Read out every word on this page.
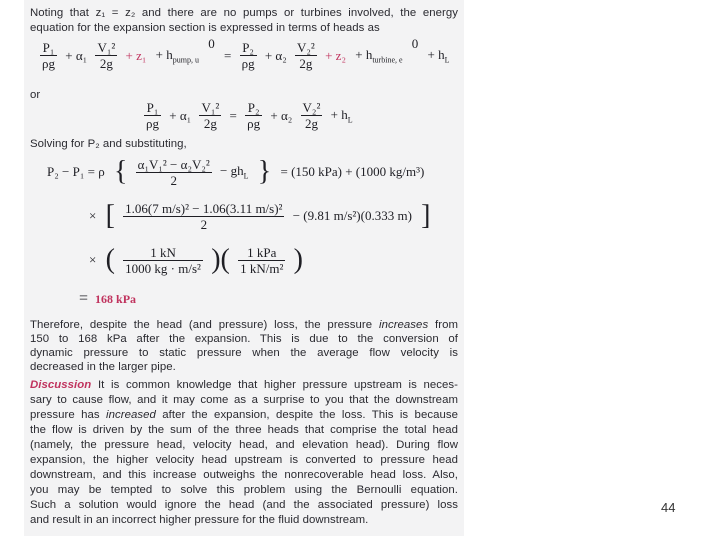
Noting that z₁ = z₂ and there are no pumps or turbines involved, the energy
equation for the expansion section is expressed in terms of heads as
$\frac{\text{P₁}}{\rho g} + \alpha_1 \frac{\text{V₁²}}{2g} + z_1 + h_{pump, u}$ $0 = \frac{\text{P₂}}{\rho g} + \alpha_2 \frac{\text{V₂²}}{2g} + z_2 + h_{turbine, e}$ $0 + h_L$
or
$\frac{\text{P₁}}{\rho g} + \alpha_1 \frac{\text{V₁²}}{2g} = \frac{\text{P₂}}{\rho g} + \alpha_2 \frac{\text{V₂²}}{2g} + h_L$
Solving for P₂ and substituting,
P₂ − P₁ = ρ { $\frac{\text{α₁V₁² − α₂V₂²}}{2} - gh_L$ } = (150 kPa) + (1000 kg/m³)
× [ $\frac{\text{1.06(7 m/s)² − 1.06(3.11 m/s)²}}{2} - (9.81$ m/s²)(0.333 m) ]
× ( $\frac{1 kN}{\text{1000 kg · m/s²}}$ )( $\frac{\text{1 kPa}}{\text{1 kN/m²}}$ )
= 168 kPa
Therefore, despite the head (and pressure) loss, the pressure increases from
150 to 168 kPa after the expansion. This is due to the conversion of
dynamic pressure to static pressure when the average flow velocity is
decreased in the larger pipe.
Discussion It is common knowledge that higher pressure upstream is neces-
sary to cause flow, and it may come as a surprise to you that the downstream
pressure has increased after the expansion, despite the loss. This is because
the flow is driven by the sum of the three heads that comprise the total head
(namely, the pressure head, velocity head, and elevation head). During flow
expansion, the higher velocity head upstream is converted to pressure head
downstream, and this increase outweighs the nonrecoverable head loss. Also,
you may be tempted to solve this problem using the Bernoulli equation.
Such a solution would ignore the head (and the associated pressure) loss
and result in an incorrect higher pressure for the fluid downstream.
44
